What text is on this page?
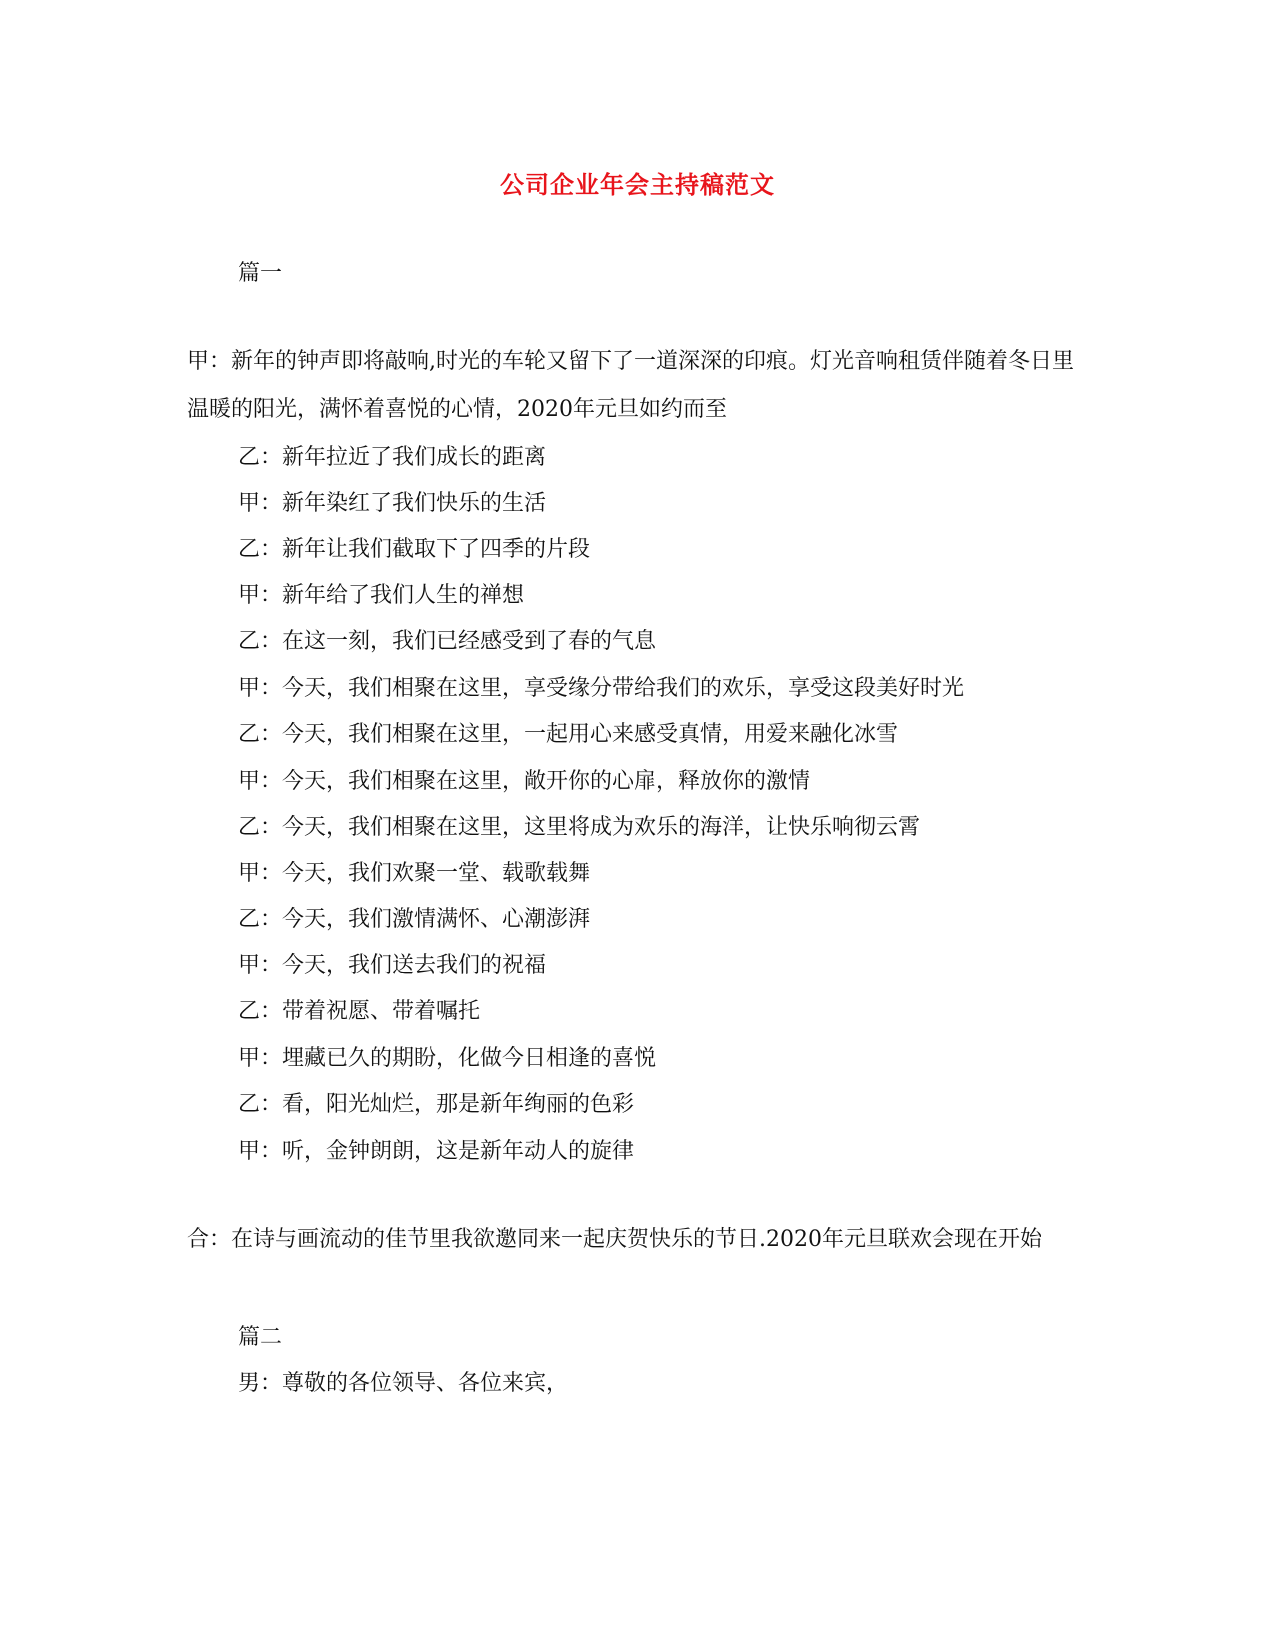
公司企业年会主持稿范文
篇一
甲：新年的钟声即将敲响,时光的车轮又留下了一道深深的印痕。灯光音响租赁伴随着冬日里温暖的阳光，满怀着喜悦的心情，2020年元旦如约而至
乙：新年拉近了我们成长的距离
甲：新年染红了我们快乐的生活
乙：新年让我们截取下了四季的片段
甲：新年给了我们人生的禅想
乙：在这一刻，我们已经感受到了春的气息
甲：今天，我们相聚在这里，享受缘分带给我们的欢乐，享受这段美好时光
乙：今天，我们相聚在这里，一起用心来感受真情，用爱来融化冰雪
甲：今天，我们相聚在这里，敞开你的心扉，释放你的激情
乙：今天，我们相聚在这里，这里将成为欢乐的海洋，让快乐响彻云霄
甲：今天，我们欢聚一堂、载歌载舞
乙：今天，我们激情满怀、心潮澎湃
甲：今天，我们送去我们的祝福
乙：带着祝愿、带着嘱托
甲：埋藏已久的期盼，化做今日相逢的喜悦
乙：看，阳光灿烂，那是新年绚丽的色彩
甲：听，金钟朗朗，这是新年动人的旋律
合：在诗与画流动的佳节里我欲邀同来一起庆贺快乐的节日.2020年元旦联欢会现在开始
篇二
男：尊敬的各位领导、各位来宾，
